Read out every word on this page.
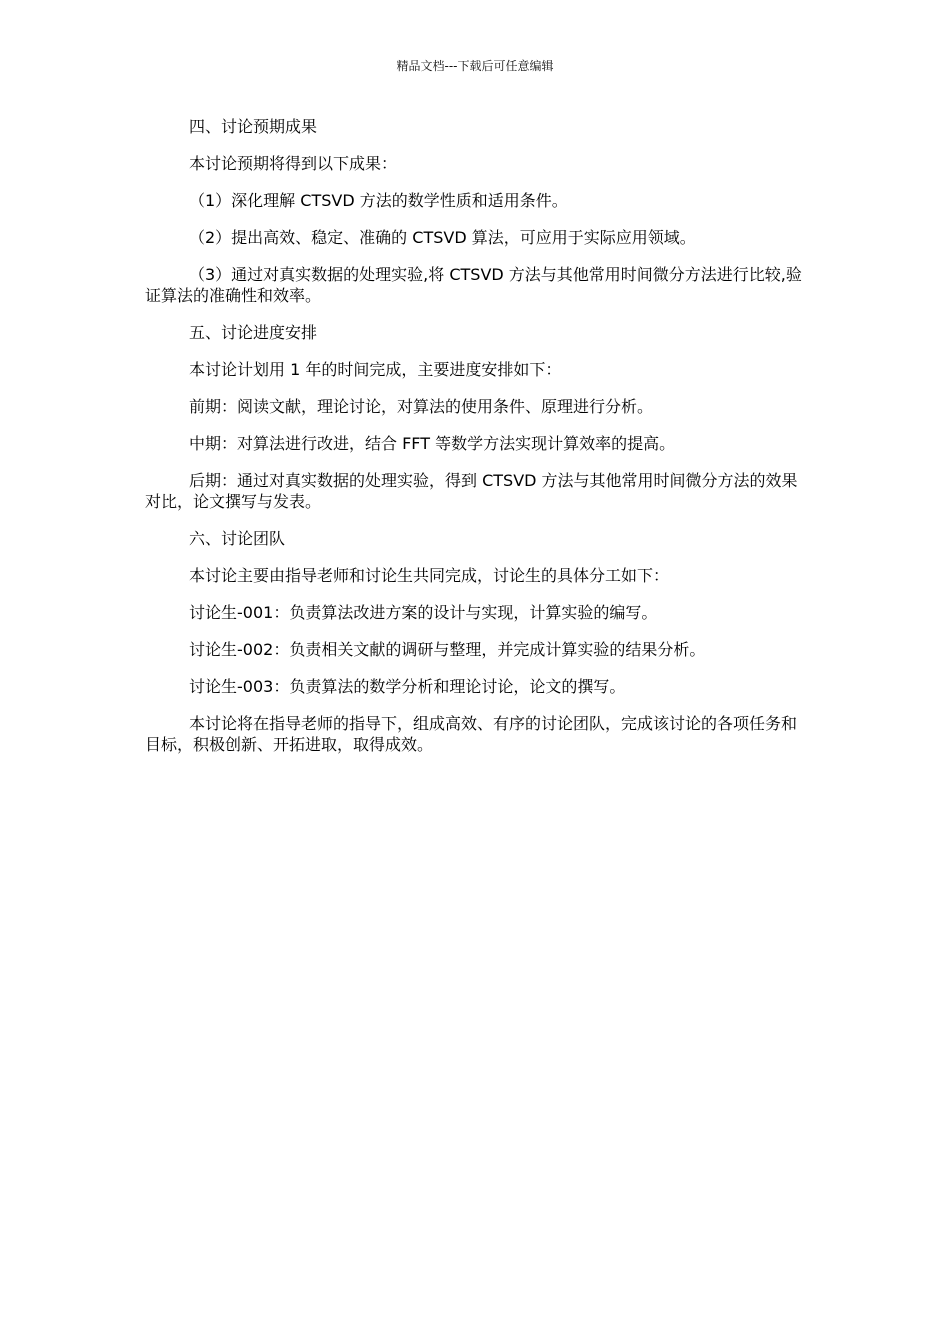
精品文档---下载后可任意编辑

四、讨论预期成果

本讨论预期将得到以下成果：

（1）深化理解 CTSVD 方法的数学性质和适用条件。

（2）提出高效、稳定、准确的 CTSVD 算法，可应用于实际应用领域。

（3）通过对真实数据的处理实验,将 CTSVD 方法与其他常用时间微分方法进行比较,验证算法的准确性和效率。

五、讨论进度安排

本讨论计划用 1 年的时间完成，主要进度安排如下：

前期：阅读文献，理论讨论，对算法的使用条件、原理进行分析。

中期：对算法进行改进，结合 FFT 等数学方法实现计算效率的提高。

后期：通过对真实数据的处理实验，得到 CTSVD 方法与其他常用时间微分方法的效果对比，论文撰写与发表。

六、讨论团队

本讨论主要由指导老师和讨论生共同完成，讨论生的具体分工如下：

讨论生-001：负责算法改进方案的设计与实现，计算实验的编写。

讨论生-002：负责相关文献的调研与整理，并完成计算实验的结果分析。

讨论生-003：负责算法的数学分析和理论讨论，论文的撰写。

本讨论将在指导老师的指导下，组成高效、有序的讨论团队，完成该讨论的各项任务和目标，积极创新、开拓进取，取得成效。
